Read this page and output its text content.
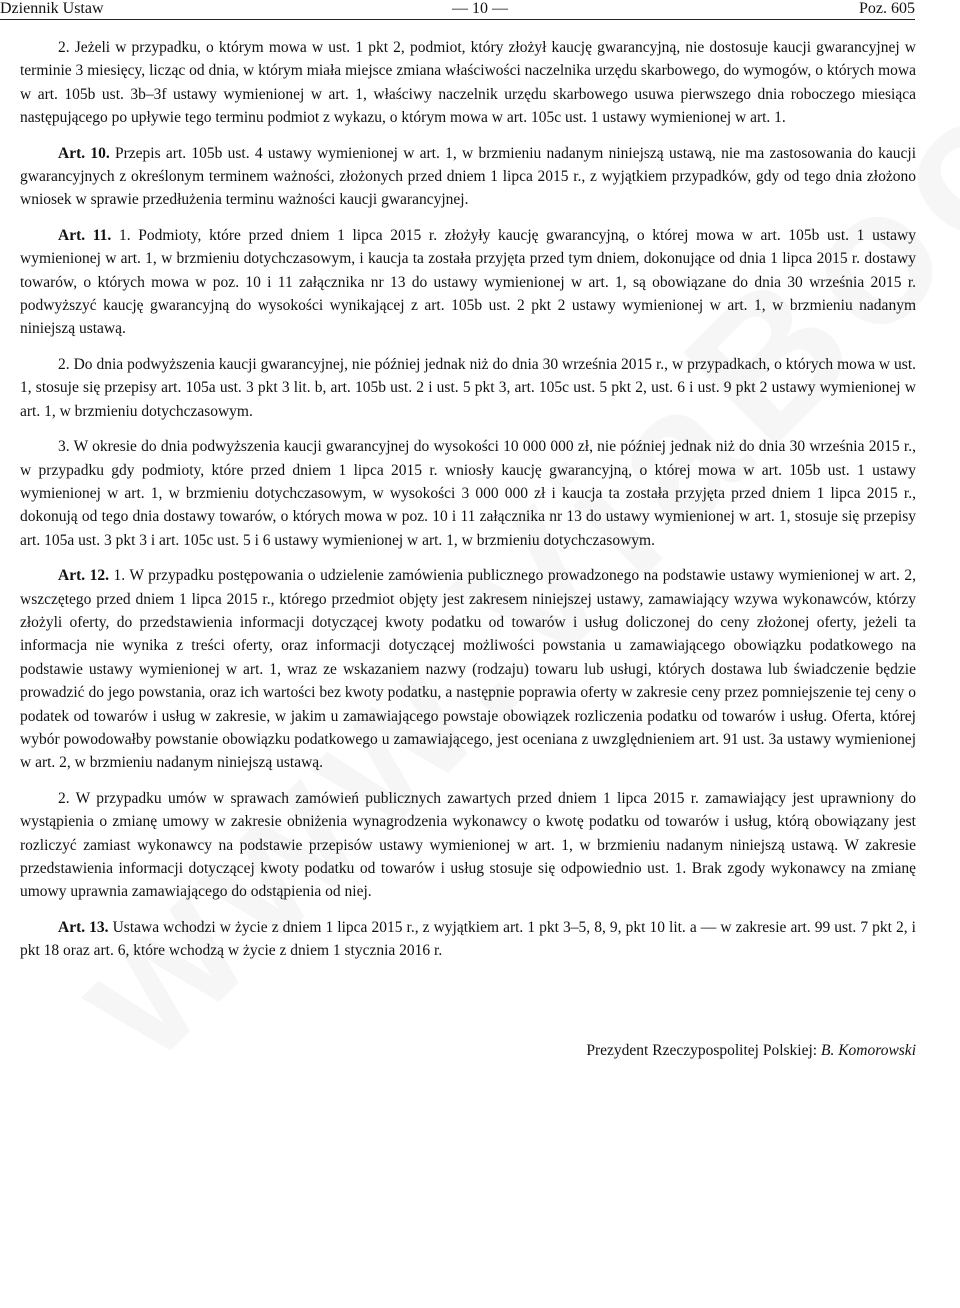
Dziennik Ustaw	— 10 —	Poz. 605

2. Jeżeli w przypadku, o którym mowa w ust. 1 pkt 2, podmiot, który złożył kaucję gwarancyjną, nie dostosuje kaucji gwarancyjnej w terminie 3 miesięcy, licząc od dnia, w którym miała miejsce zmiana właściwości naczelnika urzędu skarbowego, do wymogów, o których mowa w art. 105b ust. 3b–3f ustawy wymienionej w art. 1, właściwy naczelnik urzędu skarbowego usuwa pierwszego dnia roboczego miesiąca następującego po upływie tego terminu podmiot z wykazu, o którym mowa w art. 105c ust. 1 ustawy wymienionej w art. 1.

Art. 10. Przepis art. 105b ust. 4 ustawy wymienionej w art. 1, w brzmieniu nadanym niniejszą ustawą, nie ma zastosowania do kaucji gwarancyjnych z określonym terminem ważności, złożonych przed dniem 1 lipca 2015 r., z wyjątkiem przypadków, gdy od tego dnia złożono wniosek w sprawie przedłużenia terminu ważności kaucji gwarancyjnej.

Art. 11. 1. Podmioty, które przed dniem 1 lipca 2015 r. złożyły kaucję gwarancyjną, o której mowa w art. 105b ust. 1 ustawy wymienionej w art. 1, w brzmieniu dotychczasowym, i kaucja ta została przyjęta przed tym dniem, dokonujące od dnia 1 lipca 2015 r. dostawy towarów, o których mowa w poz. 10 i 11 załącznika nr 13 do ustawy wymienionej w art. 1, są obowiązane do dnia 30 września 2015 r. podwyższyć kaucję gwarancyjną do wysokości wynikającej z art. 105b ust. 2 pkt 2 ustawy wymienionej w art. 1, w brzmieniu nadanym niniejszą ustawą.

2. Do dnia podwyższenia kaucji gwarancyjnej, nie później jednak niż do dnia 30 września 2015 r., w przypadkach, o których mowa w ust. 1, stosuje się przepisy art. 105a ust. 3 pkt 3 lit. b, art. 105b ust. 2 i ust. 5 pkt 3, art. 105c ust. 5 pkt 2, ust. 6 i ust. 9 pkt 2 ustawy wymienionej w art. 1, w brzmieniu dotychczasowym.

3. W okresie do dnia podwyższenia kaucji gwarancyjnej do wysokości 10 000 000 zł, nie później jednak niż do dnia 30 września 2015 r., w przypadku gdy podmioty, które przed dniem 1 lipca 2015 r. wniosły kaucję gwarancyjną, o której mowa w art. 105b ust. 1 ustawy wymienionej w art. 1, w brzmieniu dotychczasowym, w wysokości 3 000 000 zł i kaucja ta została przyjęta przed dniem 1 lipca 2015 r., dokonują od tego dnia dostawy towarów, o których mowa w poz. 10 i 11 załącznika nr 13 do ustawy wymienionej w art. 1, stosuje się przepisy art. 105a ust. 3 pkt 3 i art. 105c ust. 5 i 6 ustawy wymienionej w art. 1, w brzmieniu dotychczasowym.

Art. 12. 1. W przypadku postępowania o udzielenie zamówienia publicznego prowadzonego na podstawie ustawy wymienionej w art. 2, wszczętego przed dniem 1 lipca 2015 r., którego przedmiot objęty jest zakresem niniejszej ustawy, zamawiający wzywa wykonawców, którzy złożyli oferty, do przedstawienia informacji dotyczącej kwoty podatku od towarów i usług doliczonej do ceny złożonej oferty, jeżeli ta informacja nie wynika z treści oferty, oraz informacji dotyczącej możliwości powstania u zamawiającego obowiązku podatkowego na podstawie ustawy wymienionej w art. 1, wraz ze wskazaniem nazwy (rodzaju) towaru lub usługi, których dostawa lub świadczenie będzie prowadzić do jego powstania, oraz ich wartości bez kwoty podatku, a następnie poprawia oferty w zakresie ceny przez pomniejszenie tej ceny o podatek od towarów i usług w zakresie, w jakim u zamawiającego powstaje obowiązek rozliczenia podatku od towarów i usług. Oferta, której wybór powodowałby powstanie obowiązku podatkowego u zamawiającego, jest oceniana z uwzględnieniem art. 91 ust. 3a ustawy wymienionej w art. 2, w brzmieniu nadanym niniejszą ustawą.

2. W przypadku umów w sprawach zamówień publicznych zawartych przed dniem 1 lipca 2015 r. zamawiający jest uprawniony do wystąpienia o zmianę umowy w zakresie obniżenia wynagrodzenia wykonawcy o kwotę podatku od towarów i usług, którą obowiązany jest rozliczyć zamiast wykonawcy na podstawie przepisów ustawy wymienionej w art. 1, w brzmieniu nadanym niniejszą ustawą. W zakresie przedstawienia informacji dotyczącej kwoty podatku od towarów i usług stosuje się odpowiednio ust. 1. Brak zgody wykonawcy na zmianę umowy uprawnia zamawiającego do odstąpienia od niej.

Art. 13. Ustawa wchodzi w życie z dniem 1 lipca 2015 r., z wyjątkiem art. 1 pkt 3–5, 8, 9, pkt 10 lit. a — w zakresie art. 99 ust. 7 pkt 2, i pkt 18 oraz art. 6, które wchodzą w życie z dniem 1 stycznia 2016 r.

Prezydent Rzeczypospolitej Polskiej: B. Komorowski
